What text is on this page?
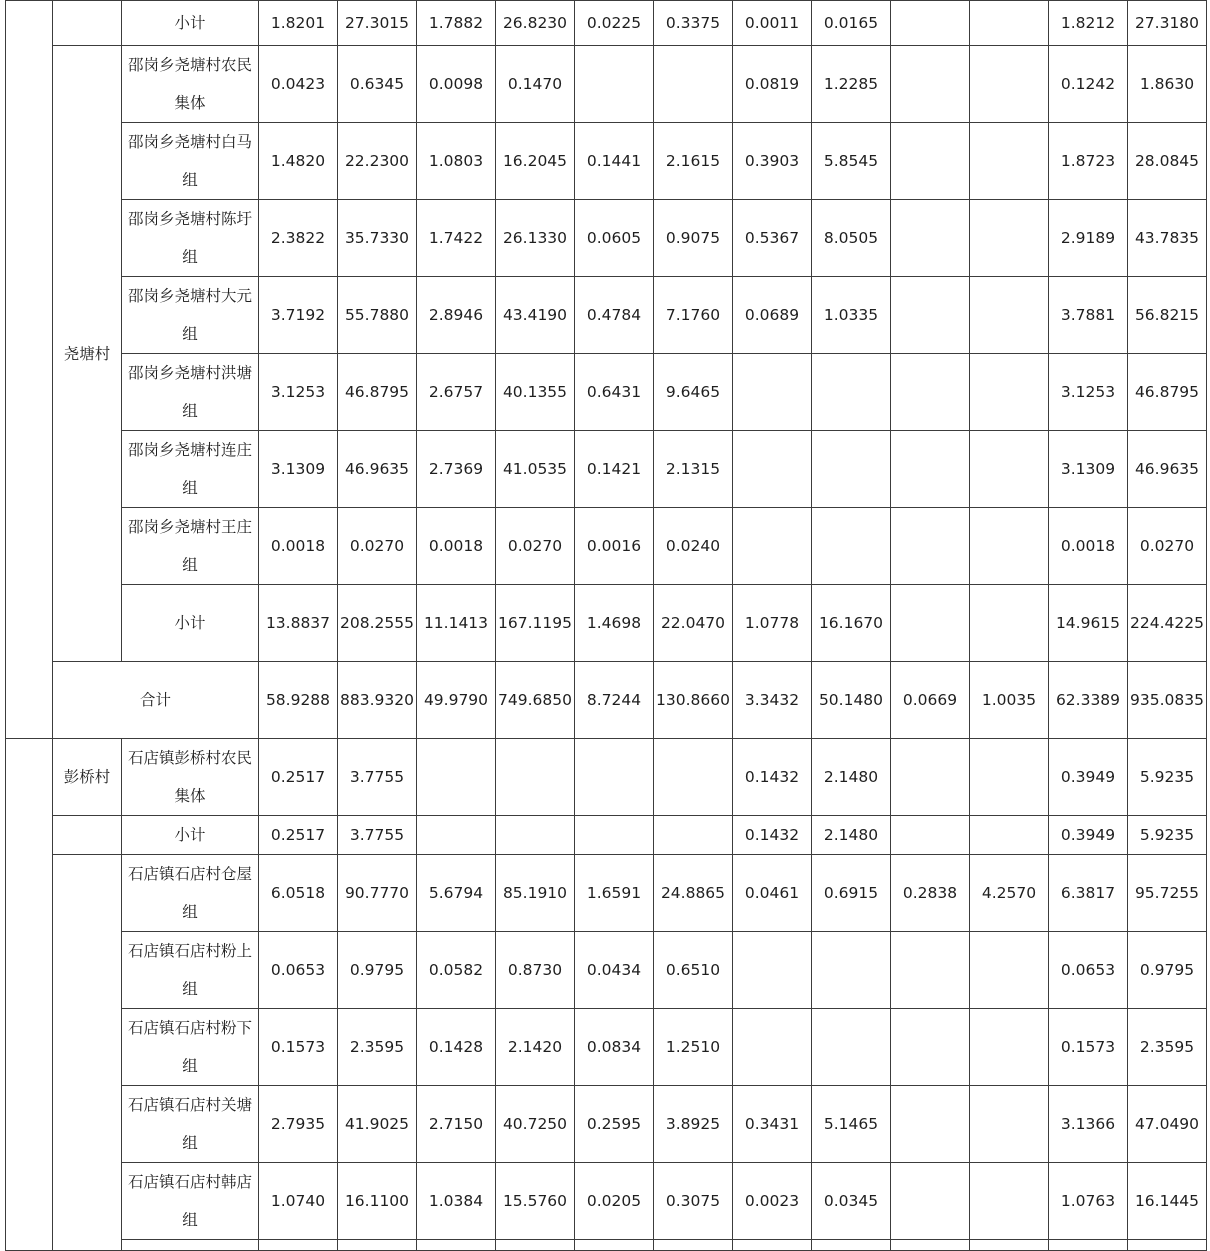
		小计	1.8201	27.3015	1.7882	26.8230	0.0225	0.3375	0.0011	0.0165			1.8212	27.3180
	尧塘村	邵岗乡尧塘村农民集体	0.0423	0.6345	0.0098	0.1470			0.0819	1.2285			0.1242	1.8630
		邵岗乡尧塘村白马组	1.4820	22.2300	1.0803	16.2045	0.1441	2.1615	0.3903	5.8545			1.8723	28.0845
		邵岗乡尧塘村陈圩组	2.3822	35.7330	1.7422	26.1330	0.0605	0.9075	0.5367	8.0505			2.9189	43.7835
		邵岗乡尧塘村大元组	3.7192	55.7880	2.8946	43.4190	0.4784	7.1760	0.0689	1.0335			3.7881	56.8215
		邵岗乡尧塘村洪塘组	3.1253	46.8795	2.6757	40.1355	0.6431	9.6465					3.1253	46.8795
		邵岗乡尧塘村连庄组	3.1309	46.9635	2.7369	41.0535	0.1421	2.1315					3.1309	46.9635
		邵岗乡尧塘村王庄组	0.0018	0.0270	0.0018	0.0270	0.0016	0.0240					0.0018	0.0270
		小计	13.8837	208.2555	11.1413	167.1195	1.4698	22.0470	1.0778	16.1670			14.9615	224.4225
	合计		58.9288	883.9320	49.9790	749.6850	8.7244	130.8660	3.3432	50.1480	0.0669	1.0035	62.3389	935.0835
	彭桥村	石店镇彭桥村农民集体	0.2517	3.7755					0.1432	2.1480			0.3949	5.9235
		小计	0.2517	3.7755					0.1432	2.1480			0.3949	5.9235
		石店镇石店村仓屋组	6.0518	90.7770	5.6794	85.1910	1.6591	24.8865	0.0461	0.6915	0.2838	4.2570	6.3817	95.7255
		石店镇石店村粉上组	0.0653	0.9795	0.0582	0.8730	0.0434	0.6510					0.0653	0.9795
		石店镇石店村粉下组	0.1573	2.3595	0.1428	2.1420	0.0834	1.2510					0.1573	2.3595
		石店镇石店村关塘组	2.7935	41.9025	2.7150	40.7250	0.2595	3.8925	0.3431	5.1465			3.1366	47.0490
		石店镇石店村韩店组	1.0740	16.1100	1.0384	15.5760	0.0205	0.3075	0.0023	0.0345			1.0763	16.1445
